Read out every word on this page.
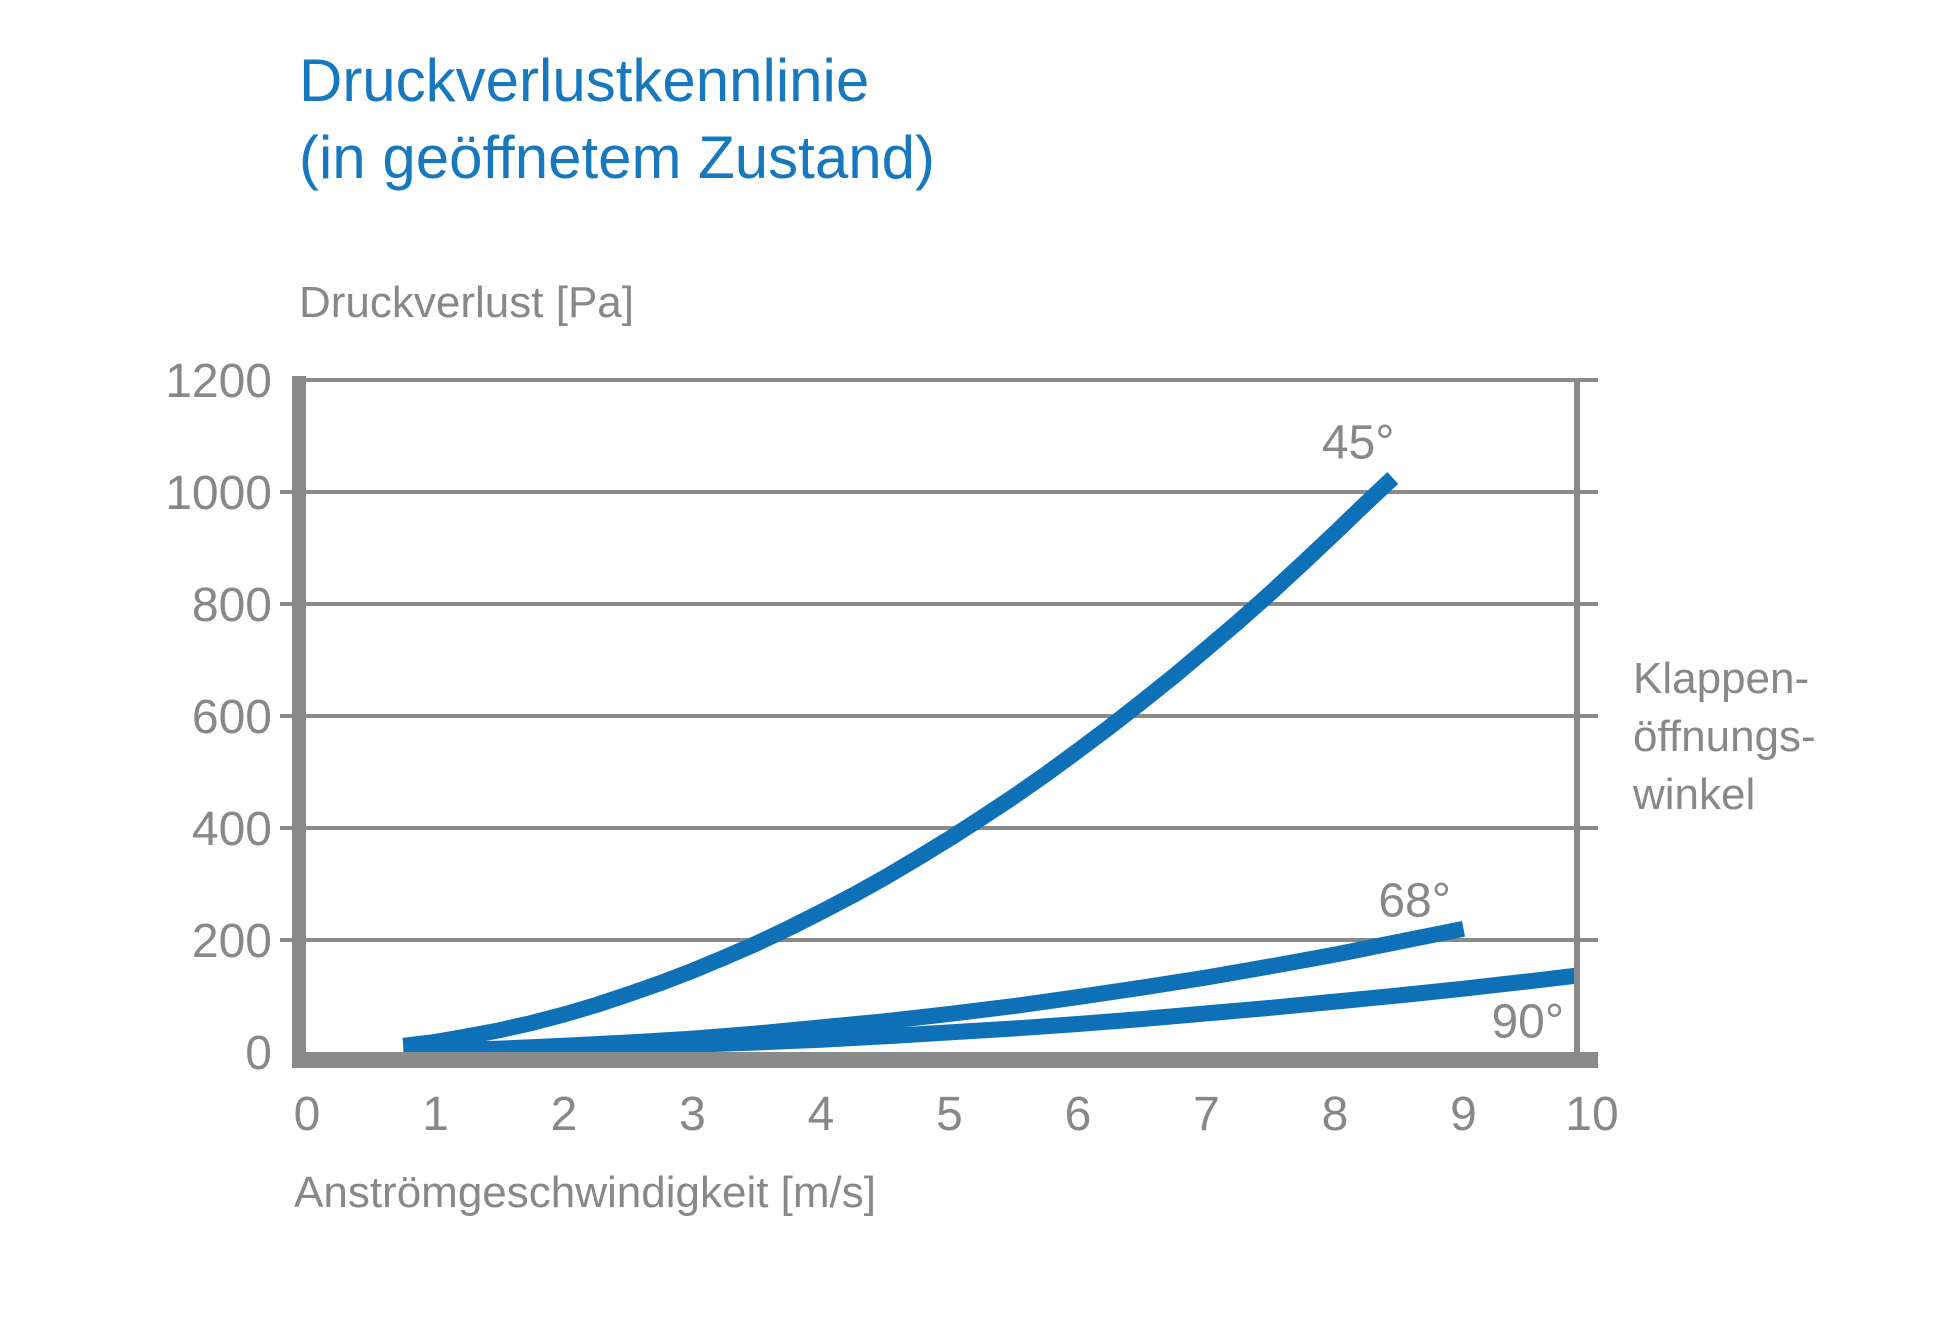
Druckverlustkennlinie
(in geöffnetem Zustand)
Druckverlust [Pa]
0
200
400
600
800
1000
1200
0 1 2 3 4 5 6 7 8 9 10
45°
68°
90°
Anströmgeschwindigkeit [m/s]
Klappen-
öffnungs-
winkel
